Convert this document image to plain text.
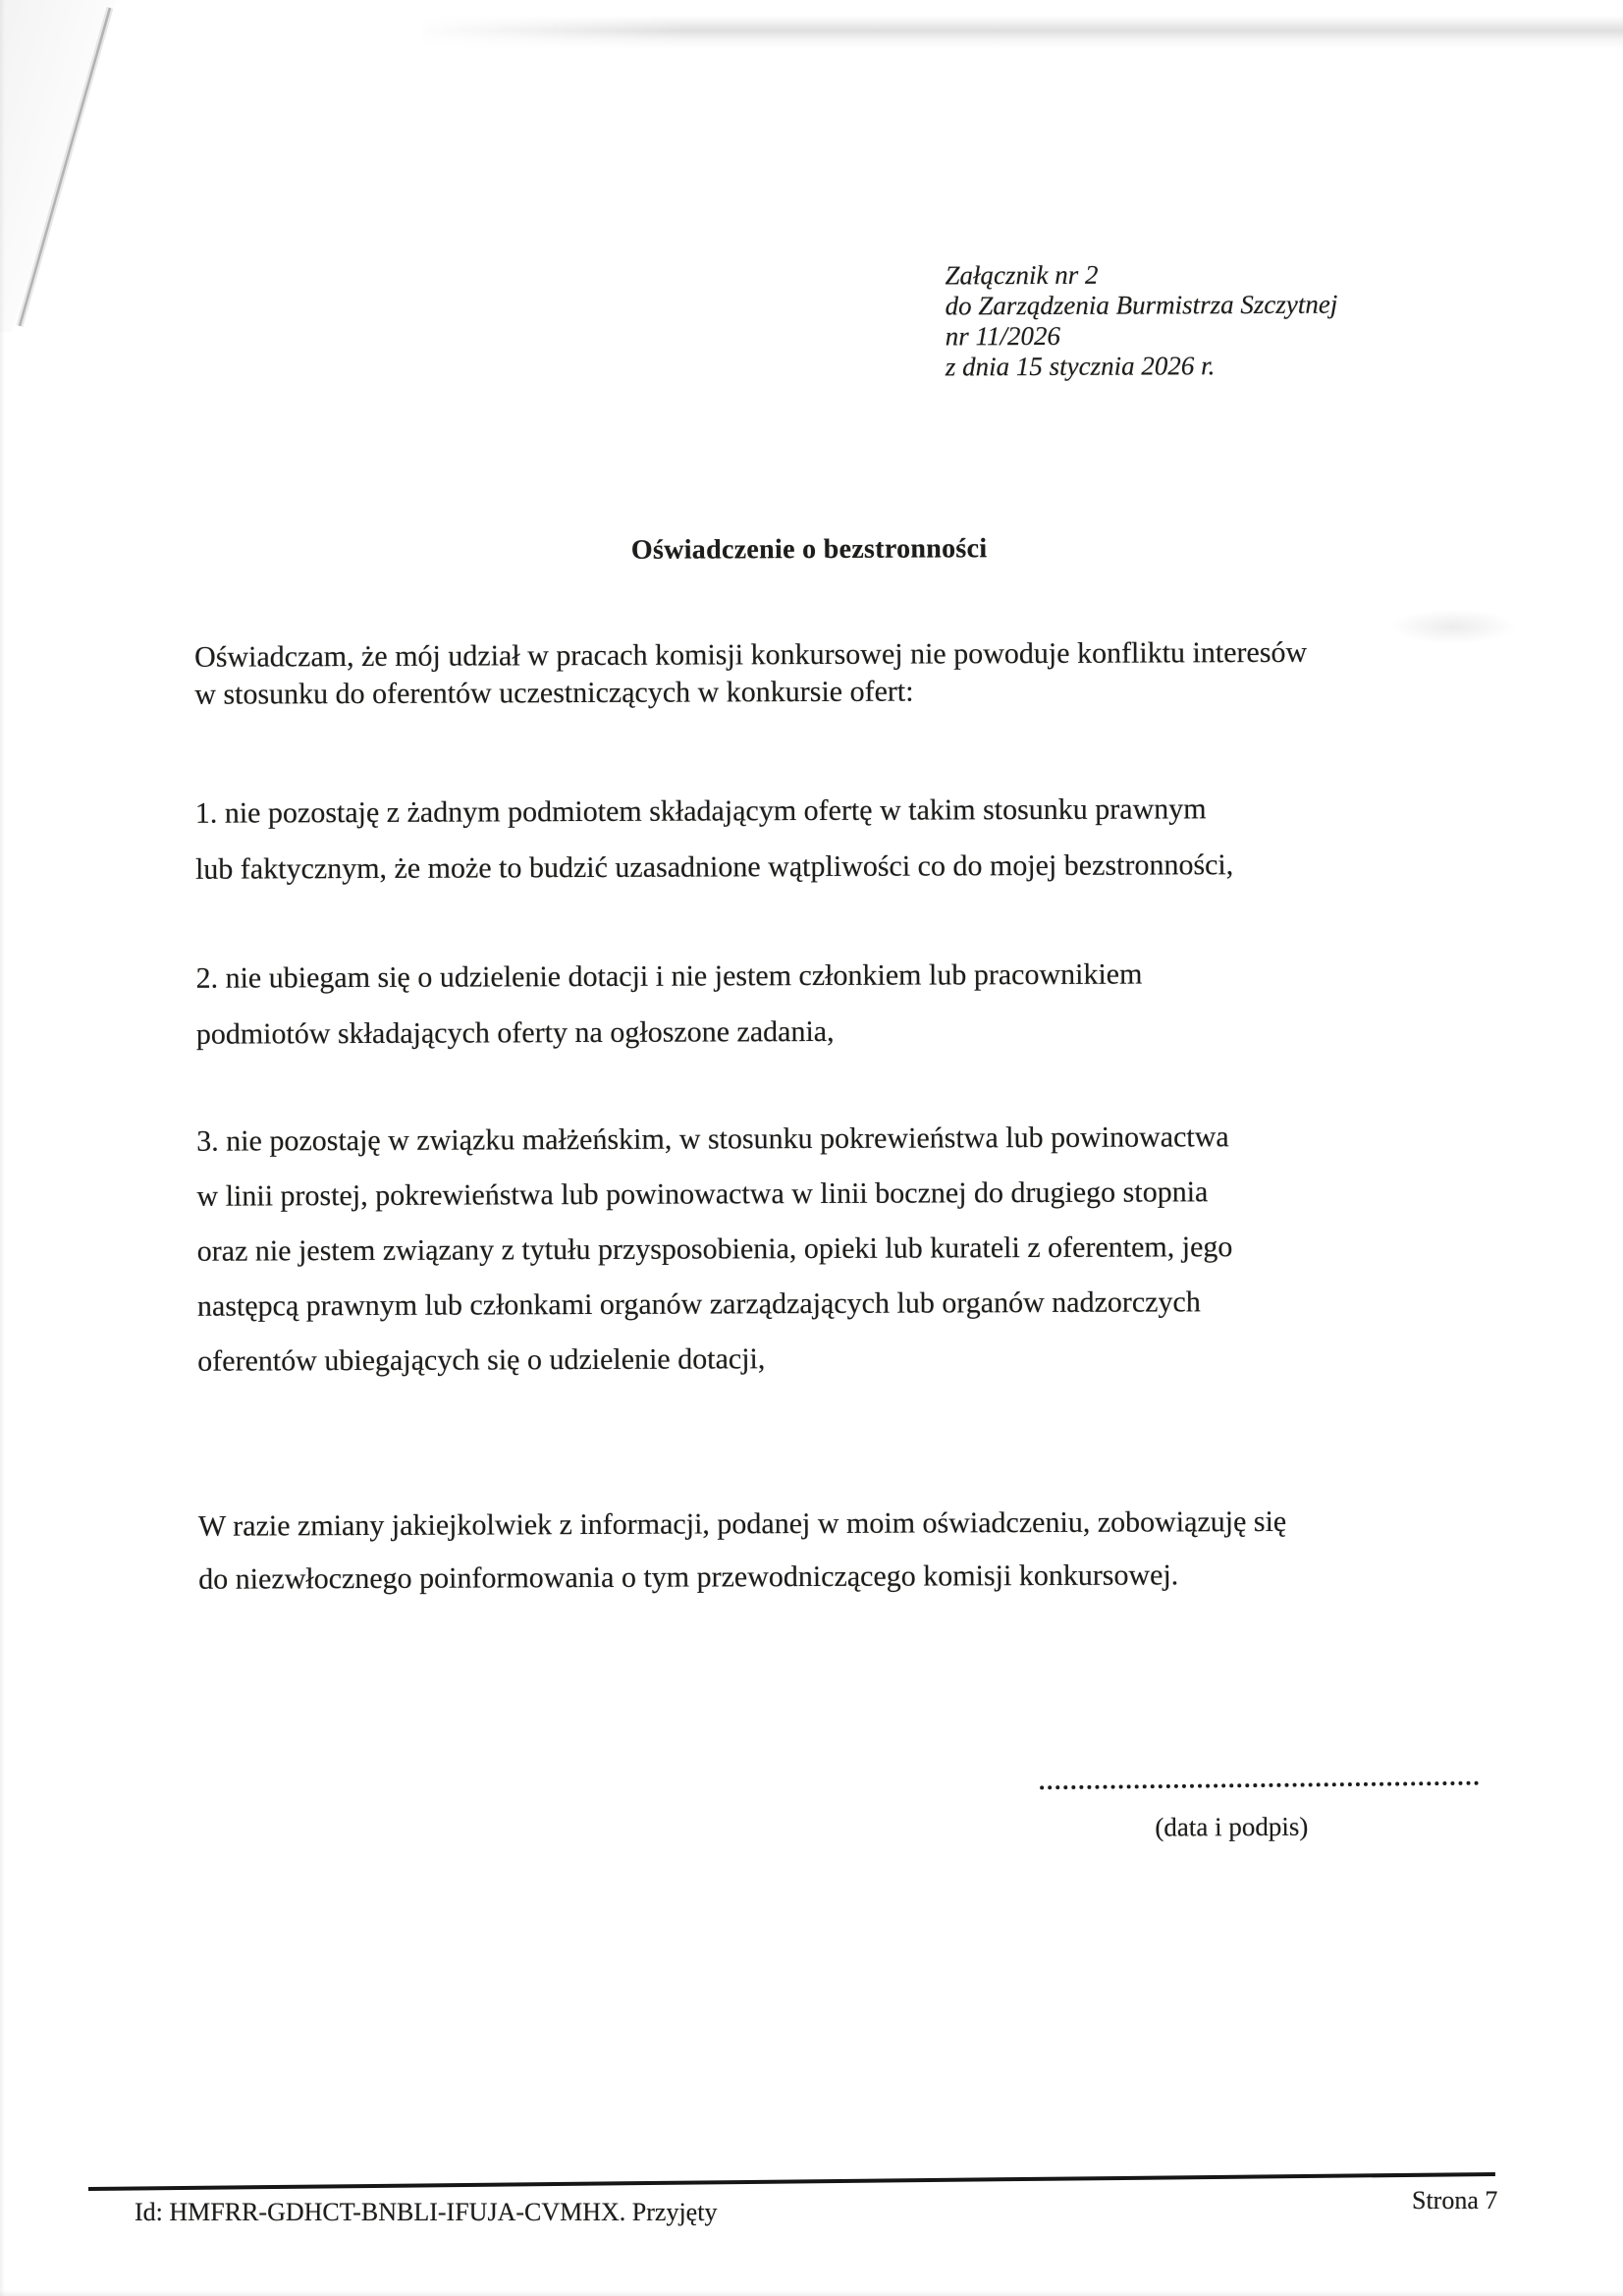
Załącznik nr 2
do Zarządzenia Burmistrza Szczytnej
nr 11/2026
z dnia 15 stycznia 2026 r.
Oświadczenie o bezstronności
Oświadczam, że mój udział w pracach komisji konkursowej nie powoduje konfliktu interesów
w stosunku do oferentów uczestniczących w konkursie ofert:
1. nie pozostaję z żadnym podmiotem składającym ofertę w takim stosunku prawnym
lub faktycznym, że może to budzić uzasadnione wątpliwości co do mojej bezstronności,
2. nie ubiegam się o udzielenie dotacji i nie jestem członkiem lub pracownikiem
podmiotów składających oferty na ogłoszone zadania,
3. nie pozostaję w związku małżeńskim, w stosunku pokrewieństwa lub powinowactwa
w linii prostej, pokrewieństwa lub powinowactwa w linii bocznej do drugiego stopnia
oraz nie jestem związany z tytułu przysposobienia, opieki lub kurateli z oferentem, jego
następcą prawnym lub członkami organów zarządzających lub organów nadzorczych
oferentów ubiegających się o udzielenie dotacji,
W razie zmiany jakiejkolwiek z informacji, podanej w moim oświadczeniu, zobowiązuję się
do niezwłocznego poinformowania o tym przewodniczącego komisji konkursowej.
(data i podpis)
Id: HMFRR-GDHCT-BNBLI-IFUJA-CVMHX. Przyjęty	Strona 7
